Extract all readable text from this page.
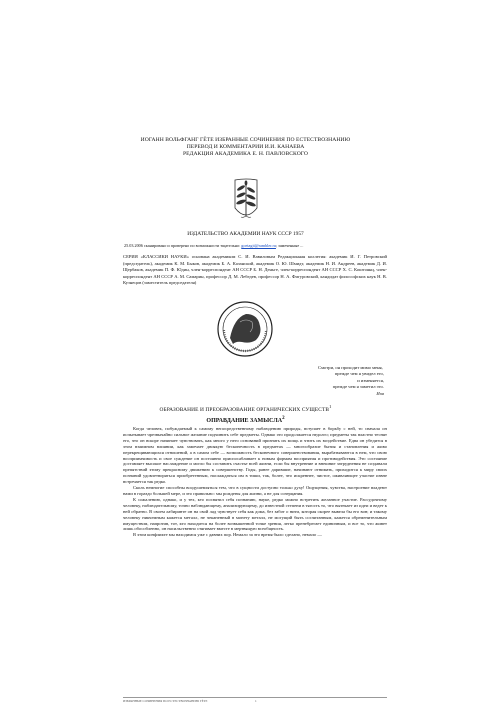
ИОГАНН ВОЛЬФГАНГ ГЁТЕ ИЗБРАННЫЕ СОЧИНЕНИЯ ПО ЕСТЕСТВОЗНАНИЮ
ПЕРЕВОД И КОММЕНТАРИИ И.И. КАНАЕВА
РЕДАКЦИЯ АКАДЕМИКА Е. Н. ПАВЛОВСКОГО
ИЗДАТЕЛЬСТВО АКАДЕМИИ НАУК СССР 1957
25.03.2006 сканировано и проверено по возможности тщательно: goetagit@rambler.ru; замеченные ...
СЕРИЯ «КЛАССИКИ НАУКИ» основана академиком С. И. Вавиловым Редакционная коллегия: академик И. Г. Петровский (председатель), академик К. М. Быков, академик Б. А. Казанский, академик О. Ю. Шмидт, академик Н. И. Андреев, академик Д. И. Щербаков, академик П. Ф. Юдин, член-корреспондент АН СССР Б. Н. Деньге, член-корреспондент АН СССР Х. С. Коштоянц, член-корреспондент АН СССР А. М. Самарин, профессор Д. М. Лебедев, профессор Н. А. Фигуровский, кандидат философских наук Н. В. Кузнецов (заместитель председателя)
Смотри, он проходит мимо меня,
прежде чем я увидел его,
и изменяется,
прежде чем я заметил это.
Иов
ОБРАЗОВАНИЕ И ПРЕОБРАЗОВАНИЕ ОРГАНИЧЕСКИХ СУЩЕСТВ$^1$
ОПРАВДАНИЕ ЗАМЫСЛА$^2$

Когда человек, побуждаемый к самому непосредственному наблюдению природы, вступает в борьбу с ней, то сначала он испытывает чрезвычайно сильное желание подчинить себе предметы. Однако это продолжается недолго; предметы так властно теснят его, что он вскоре начинает чувствовать, как много у него оснований признать их мощь и чтить их воздействие. Едва он убедится в этом взаимном влиянии, как замечает двоякую бесконечность в предметах — многообразие бытия и становления и живо перекрещивающихся отношений, а в самом себе — возможность бесконечного совершенствования, вырабатываются в нем, что свою восприимчивость и свое суждение он постоянно приспосабливает к новым формам восприятия и противодействия. Это состояние доставляет высокое наслаждение и могло бы составить счастье всей жизни, если бы внутренние и внешние затруднения не создавали препятствий этому прекрасному движению к совершенству. Годы, ранее дарившие, начинают отнимать, приходится к миру своих познаний удовлетворяться приобретенным, наслаждаться им в тиши, так, более, что искреннее, чистое, оживляющее участие извне встречается так редко.

Сколь немногие способны воодушевляться тем, что в сущности доступно только духу! Ощущения, чувства, настроение владеют нами в гораздо большей мере, и это правильно: мы рождены для жизни, а не для созерцания.

К сожалению, однако, и у тех, кто посвятил себя познанию, науке, редко можно встретить желанное участие. Рассудочному человеку, наблюдательному, точно наблюдающему, анализирующему, до известной степени в тягость то, что вытекает из идеи и ведет к ней обратно. В своем лабиринте он на свой лад чувствует себя как дома, без забот о нити, которая скорее вывела бы его вон; и такому человеку никчемным кажется металл, не чеканенный в монету металл, не могущий быть сосчитанным, кажется обременительным имуществом, напротив, тот, кто находится на более возвышенной точке зрения, легко пренебрегает единичным, и все то, что живет лишь обособленно, он насильственно стягивает вместе в мертвящую всеобщность.

В этом конфликте мы находимся уже с давних пор. Немало за это время было сделано, немало —

ИЗБРАННЫЕ СОЧИНЕНИЯ ПО ЕСТЕСТВОЗНАНИЮ ГЁТЕ	1
